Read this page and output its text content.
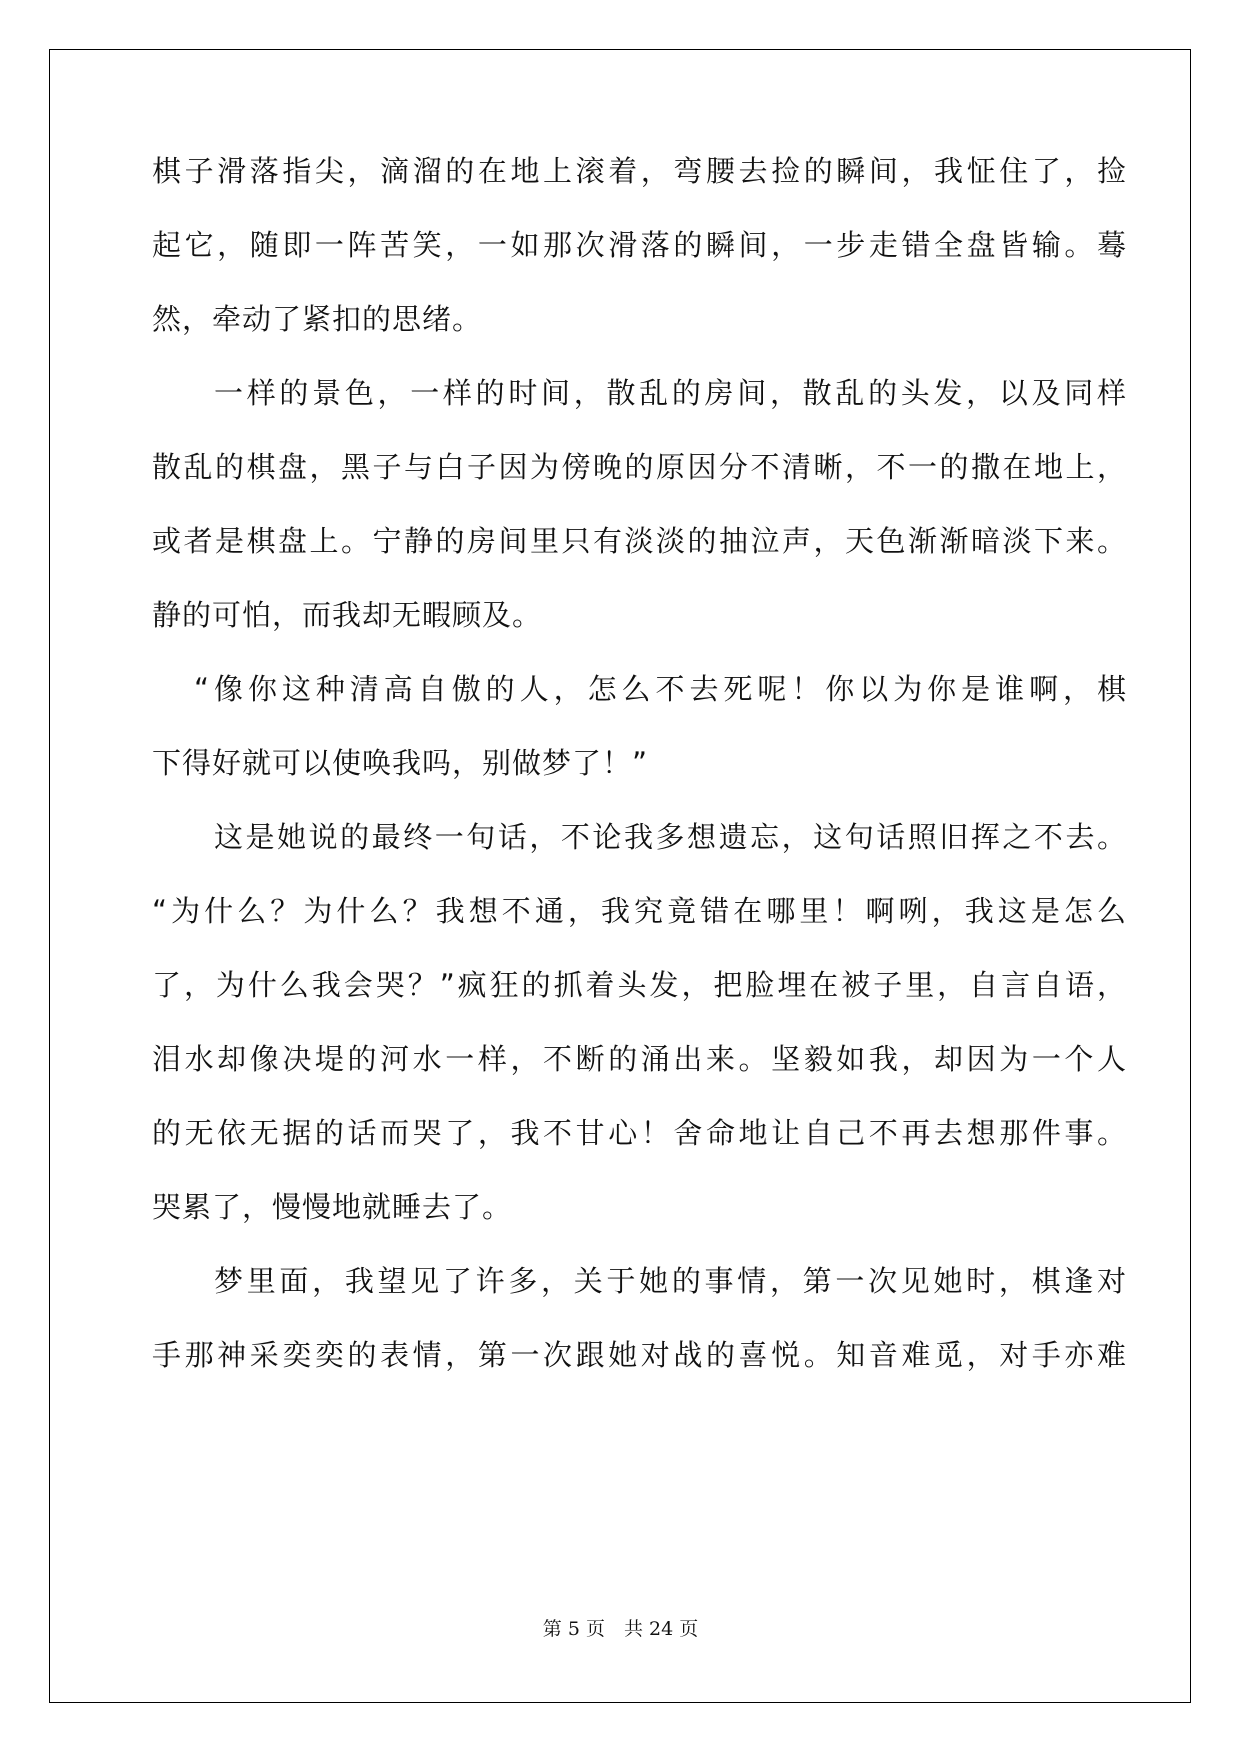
棋子滑落指尖，滴溜的在地上滚着，弯腰去捡的瞬间，我怔住了，捡
起它，随即一阵苦笑，一如那次滑落的瞬间，一步走错全盘皆输。蓦
然，牵动了紧扣的思绪。
一样的景色，一样的时间，散乱的房间，散乱的头发，以及同样
散乱的棋盘，黑子与白子因为傍晚的原因分不清晰，不一的撒在地上，
或者是棋盘上。宁静的房间里只有淡淡的抽泣声，天色渐渐暗淡下来。
静的可怕，而我却无暇顾及。
“像你这种清高自傲的人，怎么不去死呢！你以为你是谁啊，棋
下得好就可以使唤我吗，别做梦了！”
这是她说的最终一句话，不论我多想遗忘，这句话照旧挥之不去。
“为什么？为什么？我想不通，我究竟错在哪里！啊咧，我这是怎么
了，为什么我会哭？”疯狂的抓着头发，把脸埋在被子里，自言自语，
泪水却像决堤的河水一样，不断的涌出来。坚毅如我，却因为一个人
的无依无据的话而哭了，我不甘心！舍命地让自己不再去想那件事。
哭累了，慢慢地就睡去了。
梦里面，我望见了许多，关于她的事情，第一次见她时，棋逢对
手那神采奕奕的表情，第一次跟她对战的喜悦。知音难觅，对手亦难
第 5 页　共 24 页
